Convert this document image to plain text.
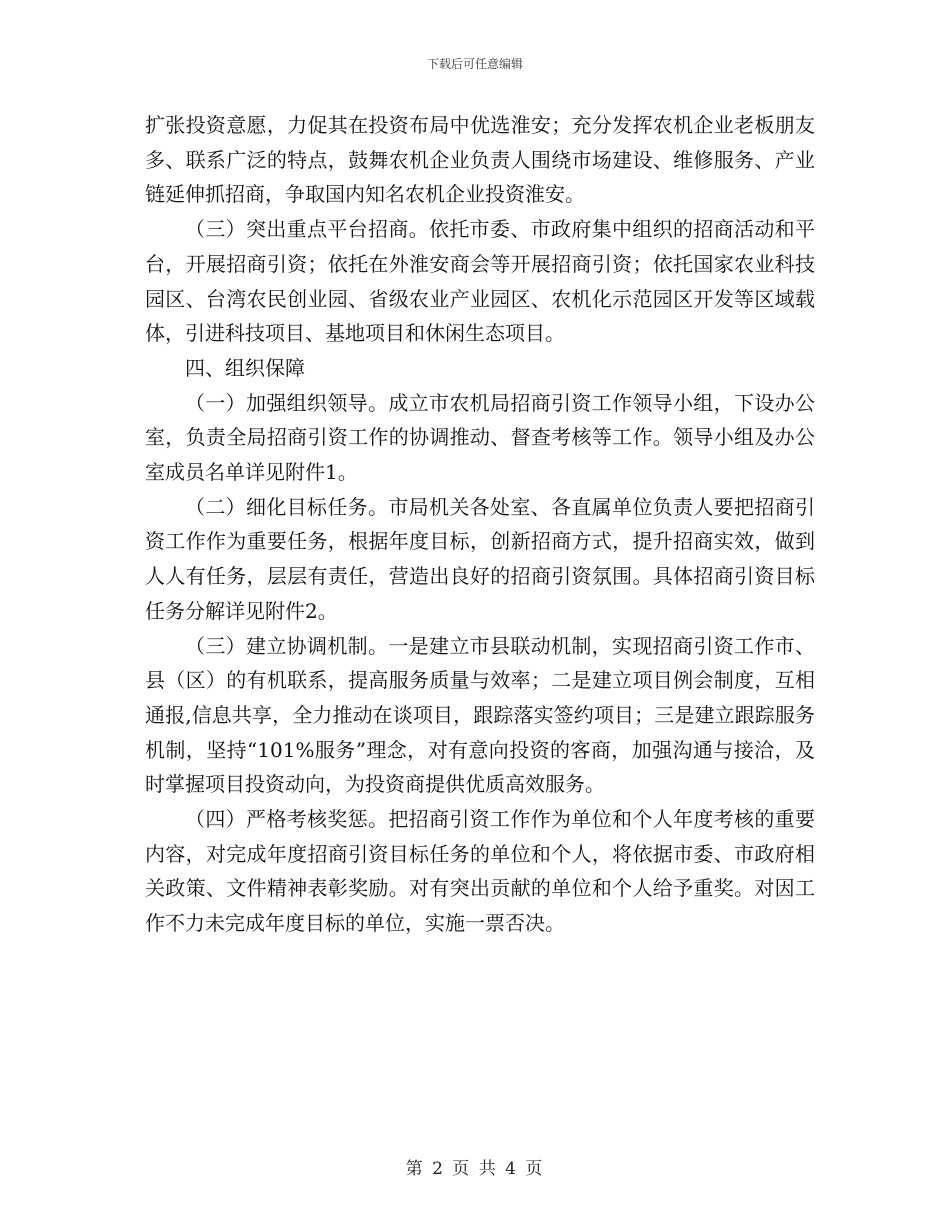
下载后可任意编辑

扩张投资意愿，力促其在投资布局中优选淮安；充分发挥农机企业老板朋友多、联系广泛的特点，鼓舞农机企业负责人围绕市场建设、维修服务、产业链延伸抓招商，争取国内知名农机企业投资淮安。

（三）突出重点平台招商。依托市委、市政府集中组织的招商活动和平台，开展招商引资；依托在外淮安商会等开展招商引资；依托国家农业科技园区、台湾农民创业园、省级农业产业园区、农机化示范园区开发等区域载体，引进科技项目、基地项目和休闲生态项目。

四、组织保障

（一）加强组织领导。成立市农机局招商引资工作领导小组，下设办公室，负责全局招商引资工作的协调推动、督查考核等工作。领导小组及办公室成员名单详见附件1。

（二）细化目标任务。市局机关各处室、各直属单位负责人要把招商引资工作作为重要任务，根据年度目标，创新招商方式，提升招商实效，做到人人有任务，层层有责任，营造出良好的招商引资氛围。具体招商引资目标任务分解详见附件2。

（三）建立协调机制。一是建立市县联动机制，实现招商引资工作市、县（区）的有机联系，提高服务质量与效率；二是建立项目例会制度，互相通报,信息共享，全力推动在谈项目，跟踪落实签约项目；三是建立跟踪服务机制，坚持“101%服务”理念，对有意向投资的客商，加强沟通与接洽，及时掌握项目投资动向，为投资商提供优质高效服务。

（四）严格考核奖惩。把招商引资工作作为单位和个人年度考核的重要内容，对完成年度招商引资目标任务的单位和个人，将依据市委、市政府相关政策、文件精神表彰奖励。对有突出贡献的单位和个人给予重奖。对因工作不力未完成年度目标的单位，实施一票否决。

第 2 页 共 4 页
